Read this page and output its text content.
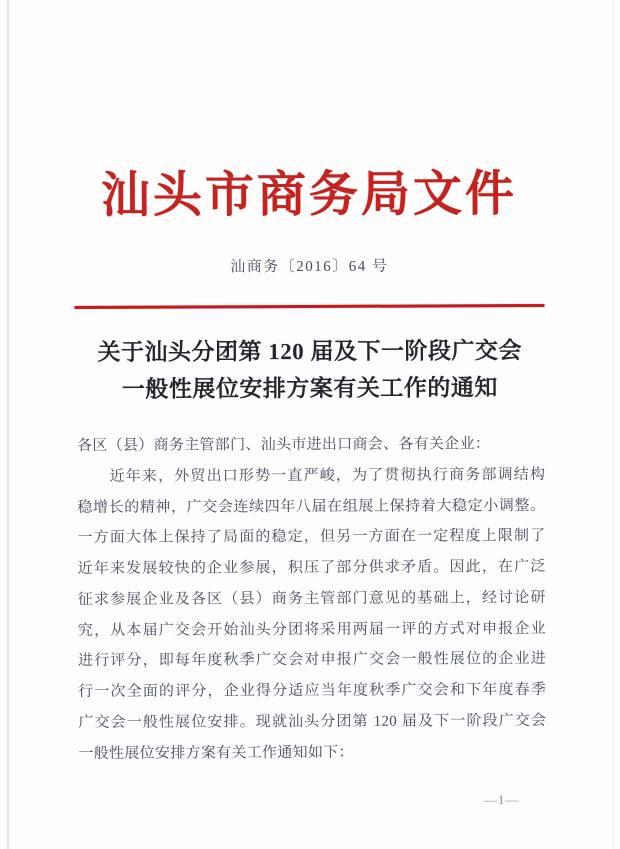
汕头市商务局文件
汕商务〔2016〕64 号
关于汕头分团第 120 届及下一阶段广交会
一般性展位安排方案有关工作的通知
各区（县）商务主管部门、汕头市进出口商会、各有关企业：
　　近年来，外贸出口形势一直严峻，为了贯彻执行商务部调结构
稳增长的精神，广交会连续四年八届在组展上保持着大稳定小调整。
一方面大体上保持了局面的稳定，但另一方面在一定程度上限制了
近年来发展较快的企业参展，积压了部分供求矛盾。因此，在广泛
征求参展企业及各区（县）商务主管部门意见的基础上，经讨论研
究，从本届广交会开始汕头分团将采用两届一评的方式对申报企业
进行评分，即每年度秋季广交会对申报广交会一般性展位的企业进
行一次全面的评分，企业得分适应当年度秋季广交会和下年度春季
广交会一般性展位安排。现就汕头分团第 120 届及下一阶段广交会
一般性展位安排方案有关工作通知如下：
—1—
